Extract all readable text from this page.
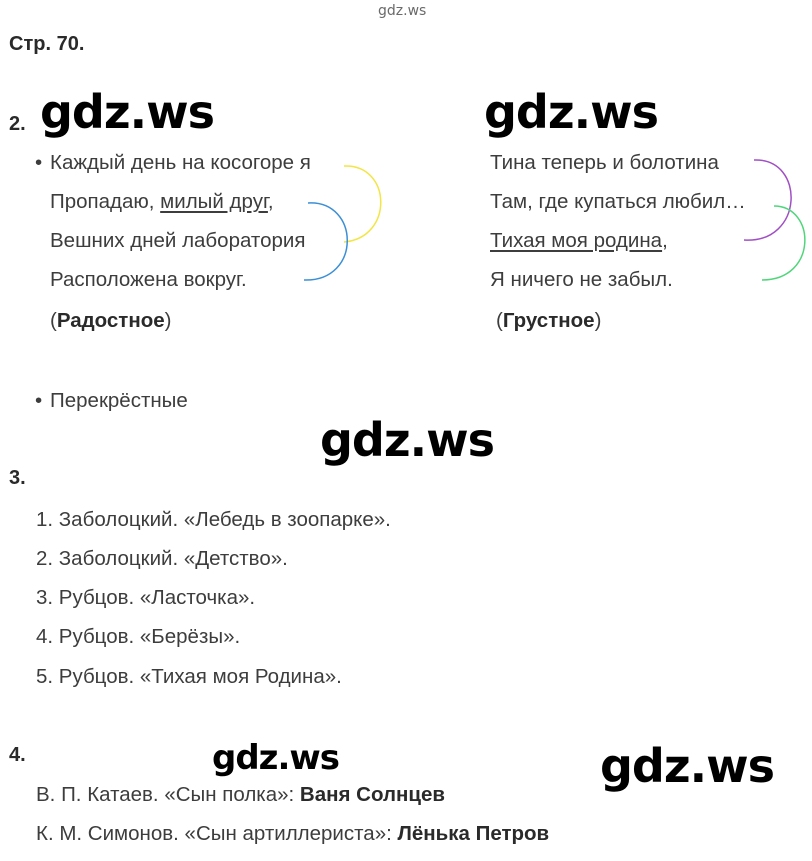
gdz.ws
gdz.ws	gdz.ws
gdz.ws
gdz.ws	gdz.ws
Стр. 70.
2.
• Каждый день на косогоре я
Пропадаю, милый друг,
Вешних дней лаборатория
Расположена вокруг.
(Радостное)
Тина теперь и болотина
Там, где купаться любил…
Тихая моя родина,
Я ничего не забыл.
(Грустное)
• Перекрёстные
3.
1. Заболоцкий. «Лебедь в зоопарке».
2. Заболоцкий. «Детство».
3. Рубцов. «Ласточка».
4. Рубцов. «Берёзы».
5. Рубцов. «Тихая моя Родина».
4.
В. П. Катаев. «Сын полка»: Ваня Солнцев
К. М. Симонов. «Сын артиллериста»: Лёнька Петров
